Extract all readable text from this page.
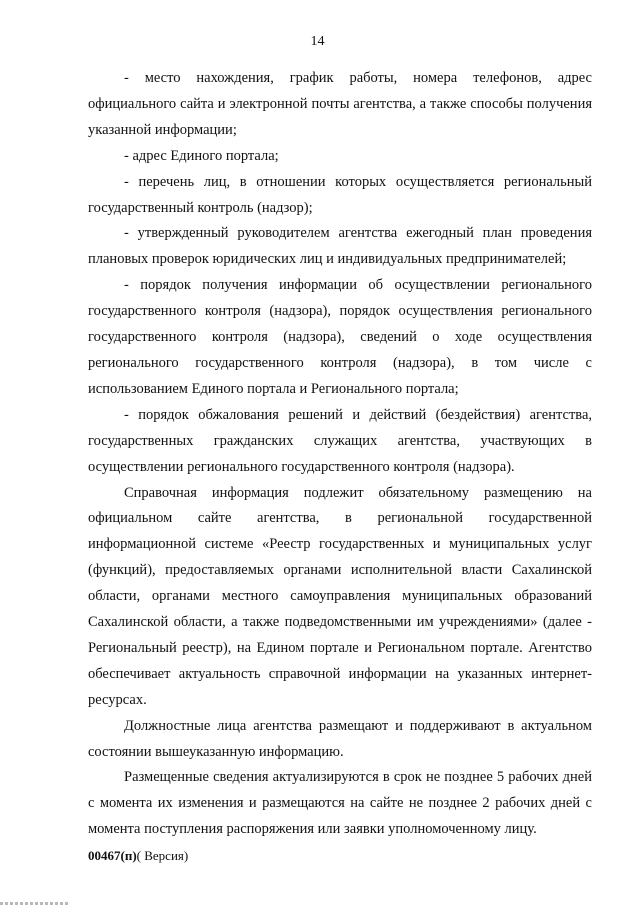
14

- место нахождения, график работы, номера телефонов, адрес официального сайта и электронной почты агентства, а также способы получения указанной информации;

- адрес Единого портала;

- перечень лиц, в отношении которых осуществляется региональный государственный контроль (надзор);

- утвержденный руководителем агентства ежегодный план проведения плановых проверок юридических лиц и индивидуальных предпринимателей;

- порядок получения информации об осуществлении регионального государственного контроля (надзора), порядок осуществления регионального государственного контроля (надзора), сведений о ходе осуществления регионального государственного контроля (надзора), в том числе с использованием Единого портала и Регионального портала;

- порядок обжалования решений и действий (бездействия) агентства, государственных гражданских служащих агентства, участвующих в осуществлении регионального государственного контроля (надзора).

Справочная информация подлежит обязательному размещению на официальном сайте агентства, в региональной государственной информационной системе «Реестр государственных и муниципальных услуг (функций), предоставляемых органами исполнительной власти Сахалинской области, органами местного самоуправления муниципальных образований Сахалинской области, а также подведомственными им учреждениями» (далее - Региональный реестр), на Едином портале и Региональном портале. Агентство обеспечивает актуальность справочной информации на указанных интернет-ресурсах.

Должностные лица агентства размещают и поддерживают в актуальном состоянии вышеуказанную информацию.

Размещенные сведения актуализируются в срок не позднее 5 рабочих дней с момента их изменения и размещаются на сайте не позднее 2 рабочих дней с момента поступления распоряжения или заявки уполномоченному лицу.

00467(п)( Версия)
